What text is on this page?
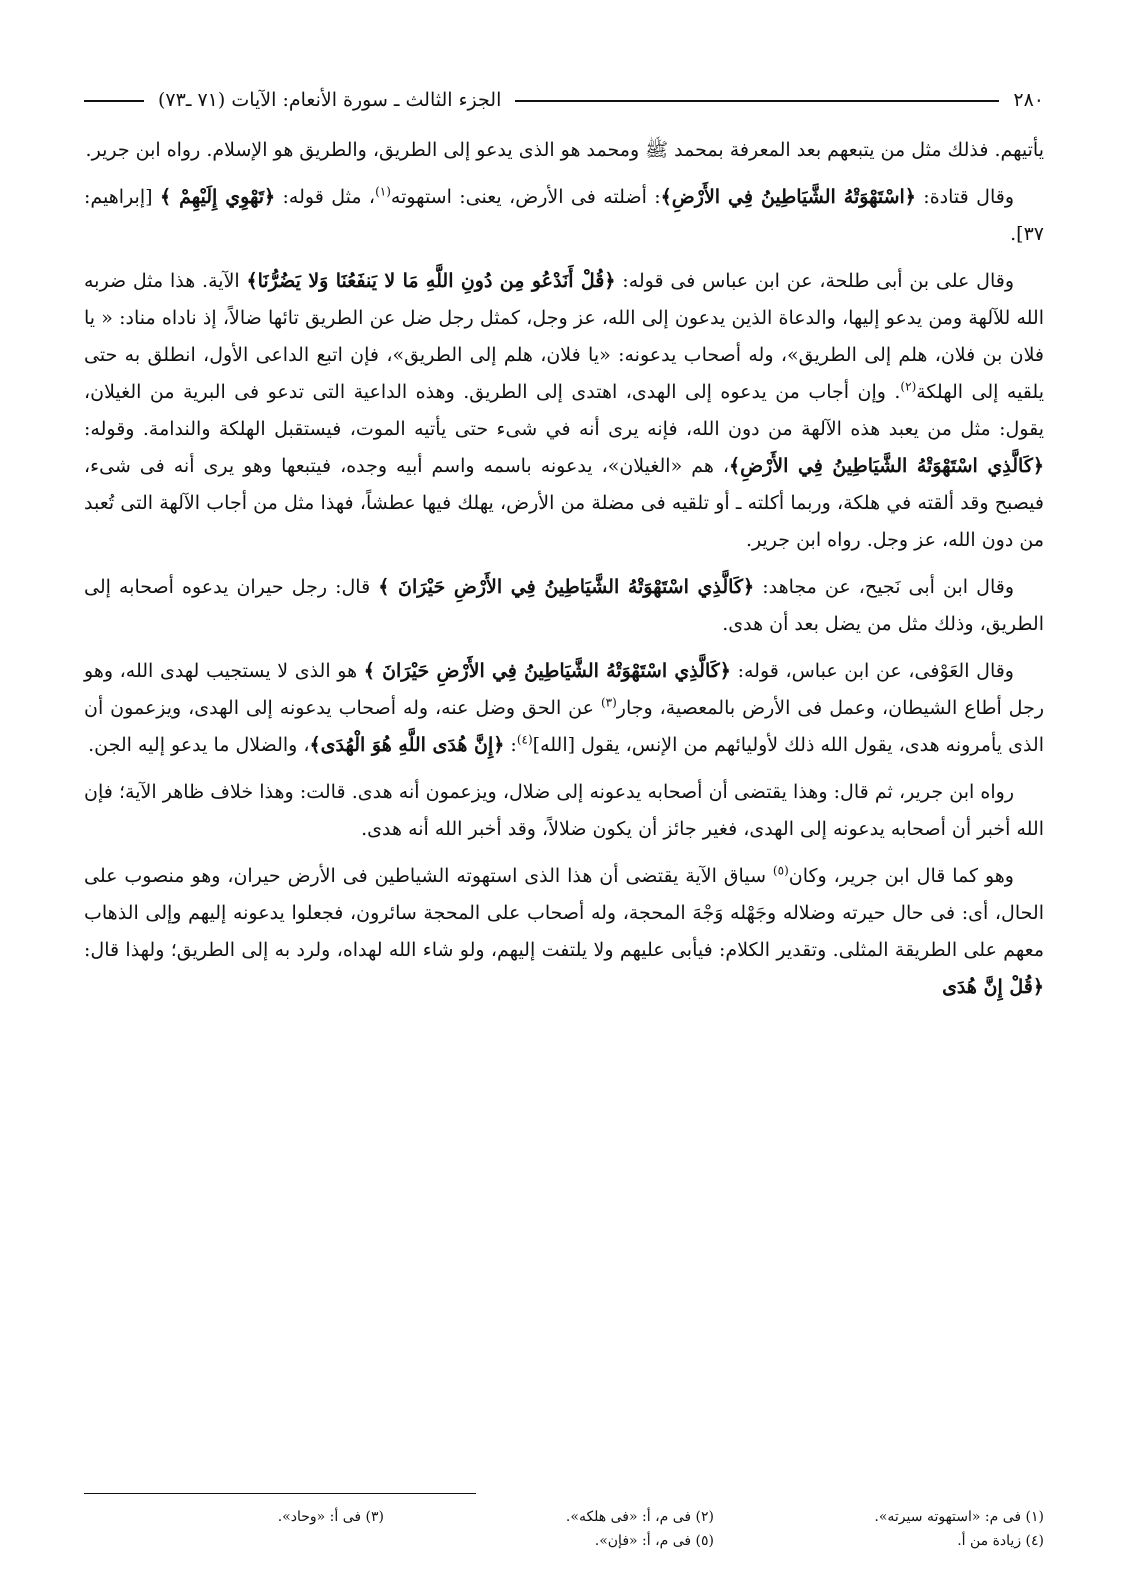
٢٨٠
الجزء الثالث ـ سورة الأنعام: الآيات (٧١ ـ٧٣)

يأتيهم. فذلك مثل من يتبعهم بعد المعرفة بمحمد ﷺ ومحمد هو الذى يدعو إلى الطريق، والطريق هو الإسلام. رواه ابن جرير.

وقال قتادة: ﴿اسْتَهْوَتْهُ الشَّيَاطِينُ فِي الأَرْضِ﴾: أضلته فى الأرض، يعنى: استهوته$^{(١)}$، مثل قوله: ﴿تَهْوِي إِلَيْهِمْ ﴾ [إبراهيم: ٣٧].

وقال على بن أبى طلحة، عن ابن عباس فى قوله: ﴿قُلْ أَنَدْعُو مِن دُونِ اللَّهِ مَا لا يَنفَعُنَا وَلا يَضُرُّنَا﴾ الآية. هذا مثل ضربه الله للآلهة ومن يدعو إليها، والدعاة الذين يدعون إلى الله، عز وجل، كمثل رجل ضل عن الطريق تائها ضالاً، إذ ناداه مناد: « يا فلان بن فلان، هلم إلى الطريق»، وله أصحاب يدعونه: «يا فلان، هلم إلى الطريق»، فإن اتبع الداعى الأول، انطلق به حتى يلقيه إلى الهلكة$^{(٢)}$. وإن أجاب من يدعوه إلى الهدى، اهتدى إلى الطريق. وهذه الداعية التى تدعو فى البرية من الغيلان، يقول: مثل من يعبد هذه الآلهة من دون الله، فإنه يرى أنه في شىء حتى يأتيه الموت، فيستقبل الهلكة والندامة. وقوله: ﴿كَالَّذِي اسْتَهْوَتْهُ الشَّيَاطِينُ فِي الأَرْضِ﴾، هم «الغيلان»، يدعونه باسمه واسم أبيه وجده، فيتبعها وهو يرى أنه فى شىء، فيصبح وقد ألقته في هلكة، وربما أكلته ـ أو تلقيه فى مضلة من الأرض، يهلك فيها عطشاً، فهذا مثل من أجاب الآلهة التى تُعبد من دون الله، عز وجل. رواه ابن جرير.

وقال ابن أبى نَجيح، عن مجاهد: ﴿كَالَّذِي اسْتَهْوَتْهُ الشَّيَاطِينُ فِي الأَرْضِ حَيْرَانَ ﴾ قال: رجل حيران يدعوه أصحابه إلى الطريق، وذلك مثل من يضل بعد أن هدى.

وقال العَوْفى، عن ابن عباس، قوله: ﴿كَالَّذِي اسْتَهْوَتْهُ الشَّيَاطِينُ فِي الأَرْضِ حَيْرَانَ ﴾ هو الذى لا يستجيب لهدى الله، وهو رجل أطاع الشيطان، وعمل فى الأرض بالمعصية، وجار$^{(٣)}$ عن الحق وضل عنه، وله أصحاب يدعونه إلى الهدى، ويزعمون أن الذى يأمرونه هدى، يقول الله ذلك لأوليائهم من الإنس، يقول [الله]$^{(٤)}$: ﴿إِنَّ هُدَى اللَّهِ هُوَ الْهُدَى﴾، والضلال ما يدعو إليه الجن.

رواه ابن جرير، ثم قال: وهذا يقتضى أن أصحابه يدعونه إلى ضلال، ويزعمون أنه هدى. قالت: وهذا خلاف ظاهر الآية؛ فإن الله أخبر أن أصحابه يدعونه إلى الهدى، فغير جائز أن يكون ضلالاً، وقد أخبر الله أنه هدى.

وهو كما قال ابن جرير، وكان$^{(٥)}$ سياق الآية يقتضى أن هذا الذى استهوته الشياطين فى الأرض حيران، وهو منصوب على الحال، أى: فى حال حيرته وضلاله وجَهْله وَجْهَ المحجة، وله أصحاب على المحجة سائرون، فجعلوا يدعونه إليهم وإلى الذهاب معهم على الطريقة المثلى. وتقدير الكلام: فيأبى عليهم ولا يلتفت إليهم، ولو شاء الله لهداه، ولرد به إلى الطريق؛ ولهذا قال: ﴿قُلْ إِنَّ هُدَى

(١) فى م: «استهوته سيرته».
(٢) فى م، أ: «فى هلكه».
(٣) فى أ: «وحاد».
(٤) زيادة من أ.
(٥) فى م، أ: «فإن».
